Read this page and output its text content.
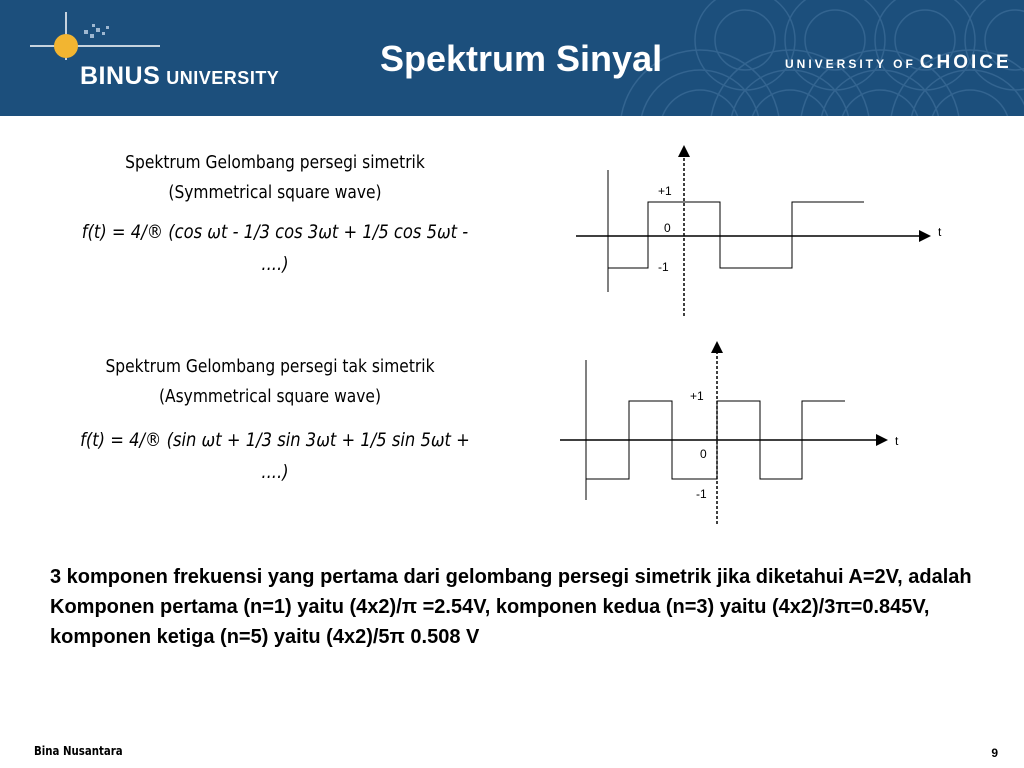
BINUS UNIVERSITY	Spektrum Sinyal	UNIVERSITY OF CHOICE
Spektrum Gelombang persegi simetrik
(Symmetrical square wave)
f(t) = 4/® (cos ωt - 1/3 cos 3ωt + 1/5 cos 5ωt -
....)
+1
0
-1
t
Spektrum Gelombang persegi tak simetrik
(Asymmetrical square wave)
f(t) = 4/® (sin ωt + 1/3 sin 3ωt + 1/5 sin 5ωt +
....)
+1
0
-1
t
3 komponen frekuensi yang pertama dari gelombang persegi simetrik jika diketahui A=2V, adalah Komponen pertama (n=1) yaitu (4x2)/π =2.54V, komponen kedua (n=3) yaitu (4x2)/3π=0.845V, komponen ketiga (n=5) yaitu (4x2)/5π 0.508 V
Bina Nusantara	9
